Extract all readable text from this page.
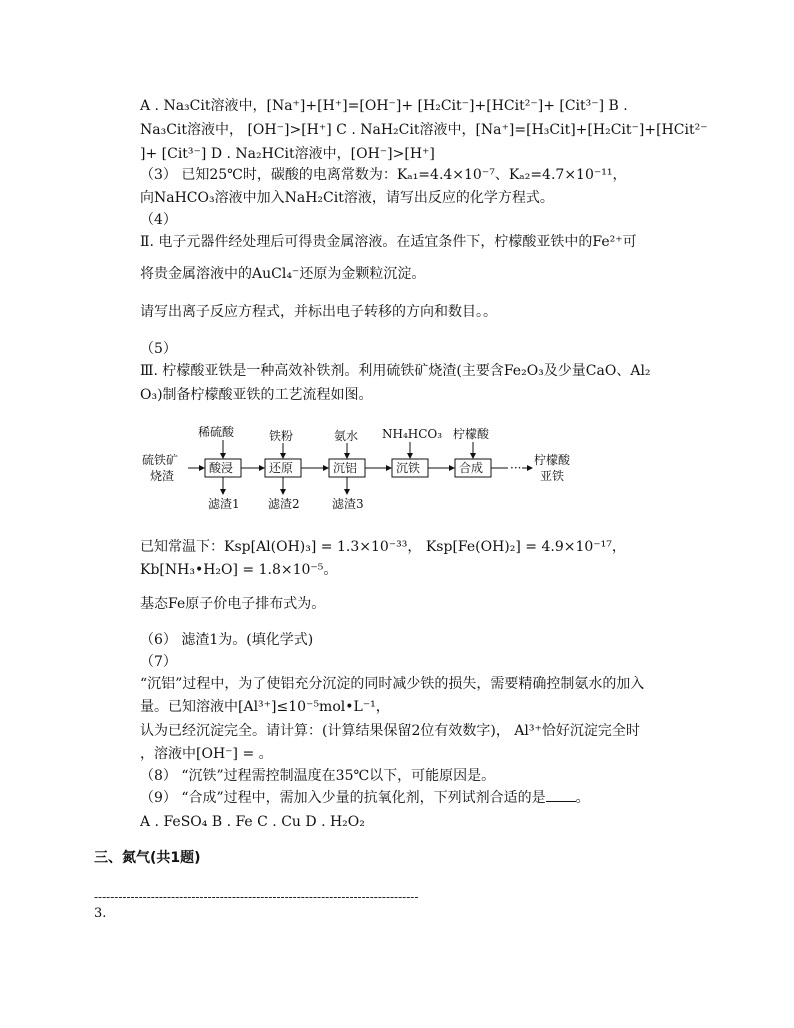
A . Na₃Cit溶液中，[Na⁺]+[H⁺]=[OH⁻]+ [H₂Cit⁻]+[HCit²⁻]+ [Cit³⁻] B .
Na₃Cit溶液中， [OH⁻]>[H⁺] C . NaH₂Cit溶液中，[Na⁺]=[H₃Cit]+[H₂Cit⁻]+[HCit²⁻
]+ [Cit³⁻] D . Na₂HCit溶液中，[OH⁻]>[H⁺]
（3） 已知25℃时，碳酸的电离常数为：Kₐ₁=4.4×10⁻⁷、Kₐ₂=4.7×10⁻¹¹，
向NaHCO₃溶液中加入NaH₂Cit溶液，请写出反应的化学方程式。
（4）
Ⅱ. 电子元器件经处理后可得贵金属溶液。在适宜条件下，柠檬酸亚铁中的Fe²⁺可
将贵金属溶液中的AuCl₄⁻还原为金颗粒沉淀。
请写出离子反应方程式，并标出电子转移的方向和数目。。
（5）
Ⅲ. 柠檬酸亚铁是一种高效补铁剂。利用硫铁矿烧渣(主要含Fe₂O₃及少量CaO、Al₂
O₃)制备柠檬酸亚铁的工艺流程如图。
硫铁矿
烧渣
酸浸	还原	沉铝	沉铁	合成 ···
柠檬酸
亚铁
稀硫酸	铁粉	氨水 NH₄HCO₃ 柠檬酸
滤渣1 滤渣2	滤渣3
已知常温下：Ksp[Al(OH)₃] = 1.3×10⁻³³， Ksp[Fe(OH)₂] = 4.9×10⁻¹⁷，
Kb[NH₃•H₂O] = 1.8×10⁻⁵。
基态Fe原子价电子排布式为。
（6） 滤渣1为。(填化学式)
（7）
“沉铝”过程中，为了使铝充分沉淀的同时减少铁的损失，需要精确控制氨水的加入
量。已知溶液中[Al³⁺]≤10⁻⁵mol•L⁻¹，
认为已经沉淀完全。请计算：(计算结果保留2位有效数字)， Al³⁺恰好沉淀完全时
，溶液中[OH⁻] = 。
（8） “沉铁”过程需控制温度在35℃以下，可能原因是。
（9） “合成”过程中，需加入少量的抗氧化剂，下列试剂合适的是 。
A . FeSO₄ B . Fe C . Cu D . H₂O₂
三、氮气(共1题)
--------------------------------------------------------------------------------
3.
